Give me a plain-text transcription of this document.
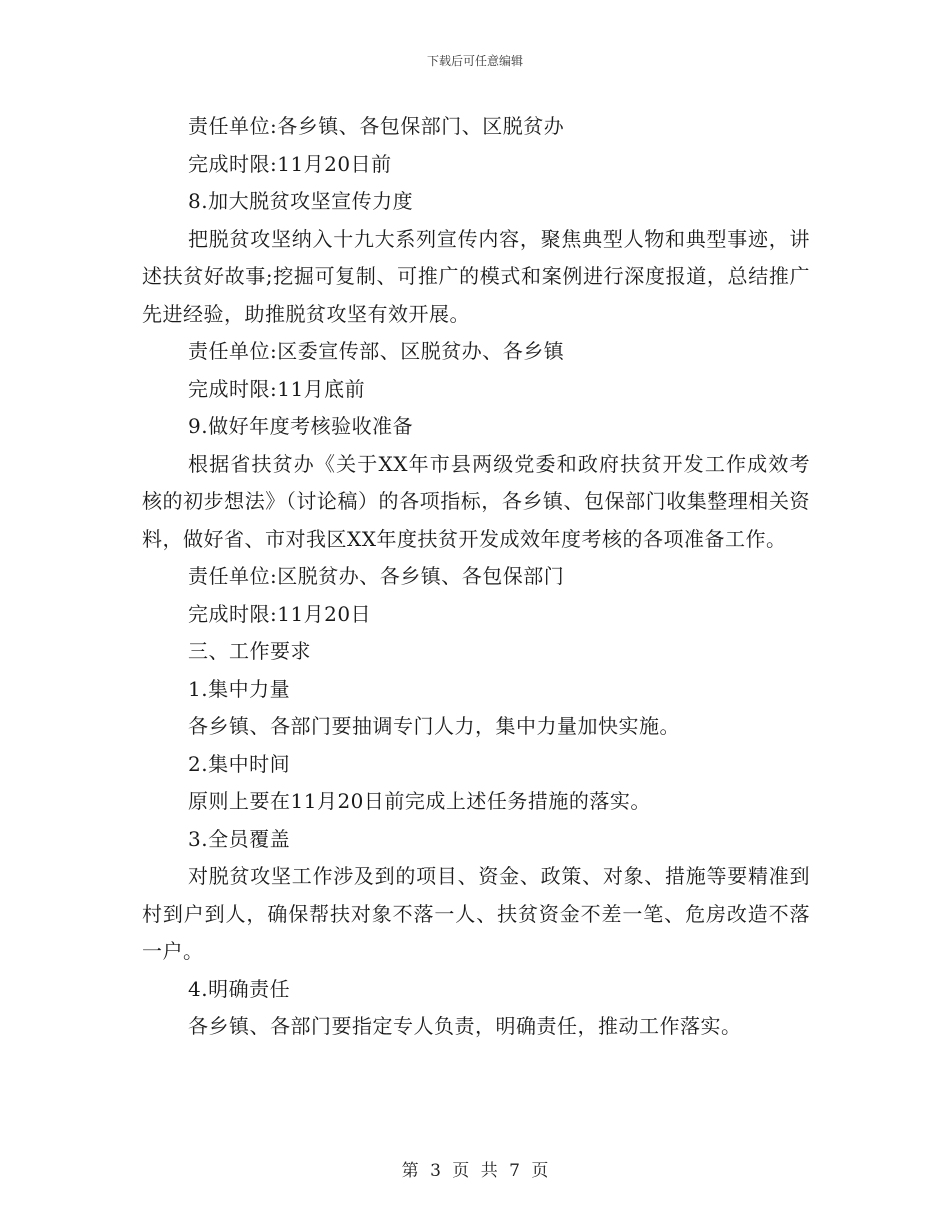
下载后可任意编辑
责任单位:各乡镇、各包保部门、区脱贫办
完成时限:11月20日前
8.加大脱贫攻坚宣传力度
把脱贫攻坚纳入十九大系列宣传内容，聚焦典型人物和典型事迹，讲述扶贫好故事;挖掘可复制、可推广的模式和案例进行深度报道，总结推广先进经验，助推脱贫攻坚有效开展。
责任单位:区委宣传部、区脱贫办、各乡镇
完成时限:11月底前
9.做好年度考核验收准备
根据省扶贫办《关于XX年市县两级党委和政府扶贫开发工作成效考核的初步想法》（讨论稿）的各项指标，各乡镇、包保部门收集整理相关资料，做好省、市对我区XX年度扶贫开发成效年度考核的各项准备工作。
责任单位:区脱贫办、各乡镇、各包保部门
完成时限:11月20日
三、工作要求
1.集中力量
各乡镇、各部门要抽调专门人力，集中力量加快实施。
2.集中时间
原则上要在11月20日前完成上述任务措施的落实。
3.全员覆盖
对脱贫攻坚工作涉及到的项目、资金、政策、对象、措施等要精准到村到户到人，确保帮扶对象不落一人、扶贫资金不差一笔、危房改造不落一户。
4.明确责任
各乡镇、各部门要指定专人负责，明确责任，推动工作落实。
第 3 页 共 7 页
